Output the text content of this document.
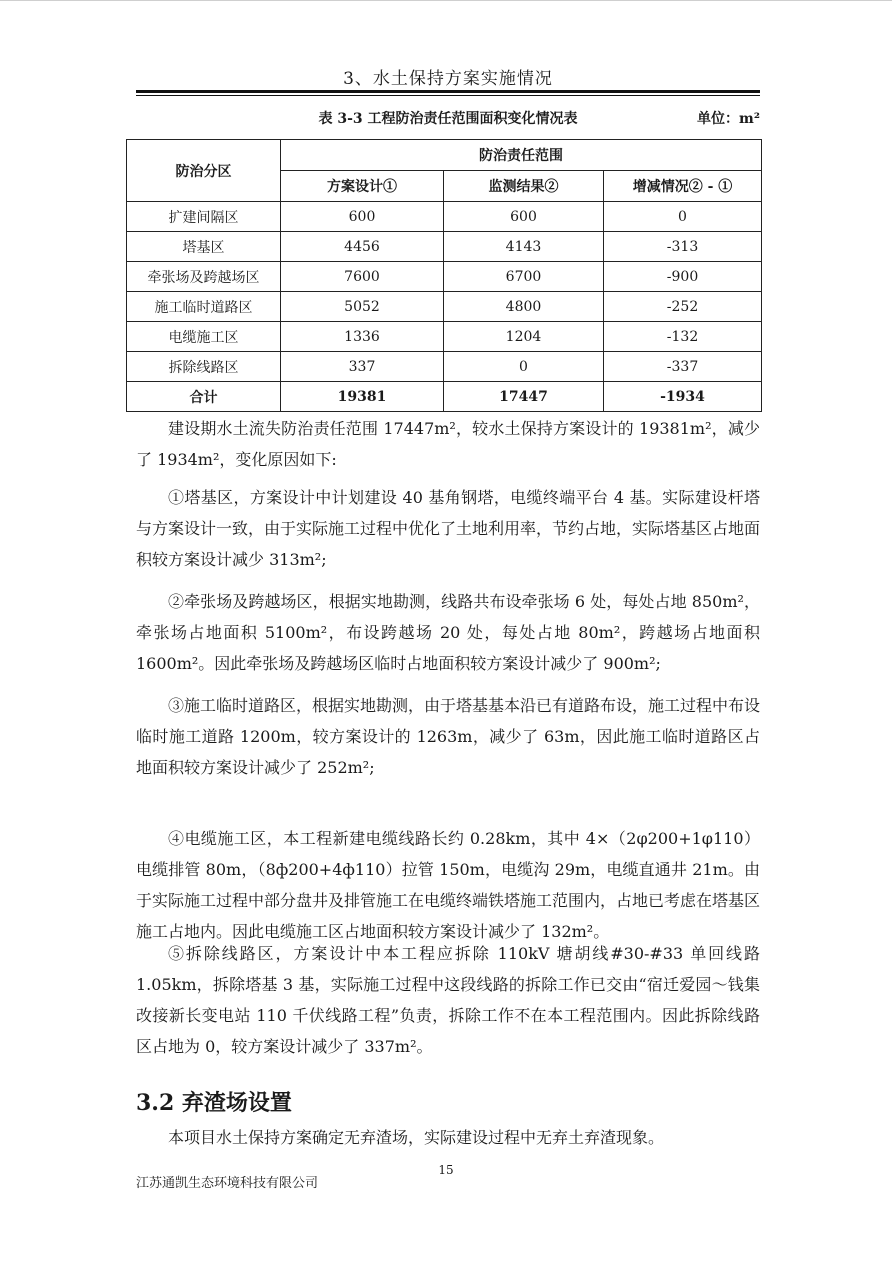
3、水土保持方案实施情况
表 3-3 工程防治责任范围面积变化情况表	单位：m²
防治分区	防治责任范围		
	方案设计①	监测结果②	增减情况② - ①
扩建间隔区	600	600	0
塔基区	4456	4143	-313
牵张场及跨越场区	7600	6700	-900
施工临时道路区	5052	4800	-252
电缆施工区	1336	1204	-132
拆除线路区	337	0	-337
合计	19381	17447	-1934

建设期水土流失防治责任范围 17447m²，较水土保持方案设计的 19381m²，减少了 1934m²，变化原因如下:

①塔基区，方案设计中计划建设 40 基角钢塔，电缆终端平台 4 基。实际建设杆塔与方案设计一致，由于实际施工过程中优化了土地利用率，节约占地，实际塔基区占地面积较方案设计减少 313m²;

②牵张场及跨越场区，根据实地勘测，线路共布设牵张场 6 处，每处占地 850m²，牵张场占地面积 5100m²，布设跨越场 20 处，每处占地 80m²，跨越场占地面积 1600m²。因此牵张场及跨越场区临时占地面积较方案设计减少了 900m²;

③施工临时道路区，根据实地勘测，由于塔基基本沿已有道路布设，施工过程中布设临时施工道路 1200m，较方案设计的 1263m，减少了 63m，因此施工临时道路区占地面积较方案设计减少了 252m²;

④电缆施工区，本工程新建电缆线路长约 0.28km，其中 4×（2φ200+1φ110）电缆排管 80m，（8ф200+4ф110）拉管 150m，电缆沟 29m，电缆直通井 21m。由于实际施工过程中部分盘井及排管施工在电缆终端铁塔施工范围内，占地已考虑在塔基区施工占地内。因此电缆施工区占地面积较方案设计减少了 132m²。

⑤拆除线路区，方案设计中本工程应拆除 110kV 塘胡线#30-#33 单回线路 1.05km，拆除塔基 3 基，实际施工过程中这段线路的拆除工作已交由“宿迁爱园～钱集改接新长变电站 110 千伏线路工程”负责，拆除工作不在本工程范围内。因此拆除线路区占地为 0，较方案设计减少了 337m²。

3.2 弃渣场设置

本项目水土保持方案确定无弃渣场，实际建设过程中无弃土弃渣现象。

15
江苏通凯生态环境科技有限公司
